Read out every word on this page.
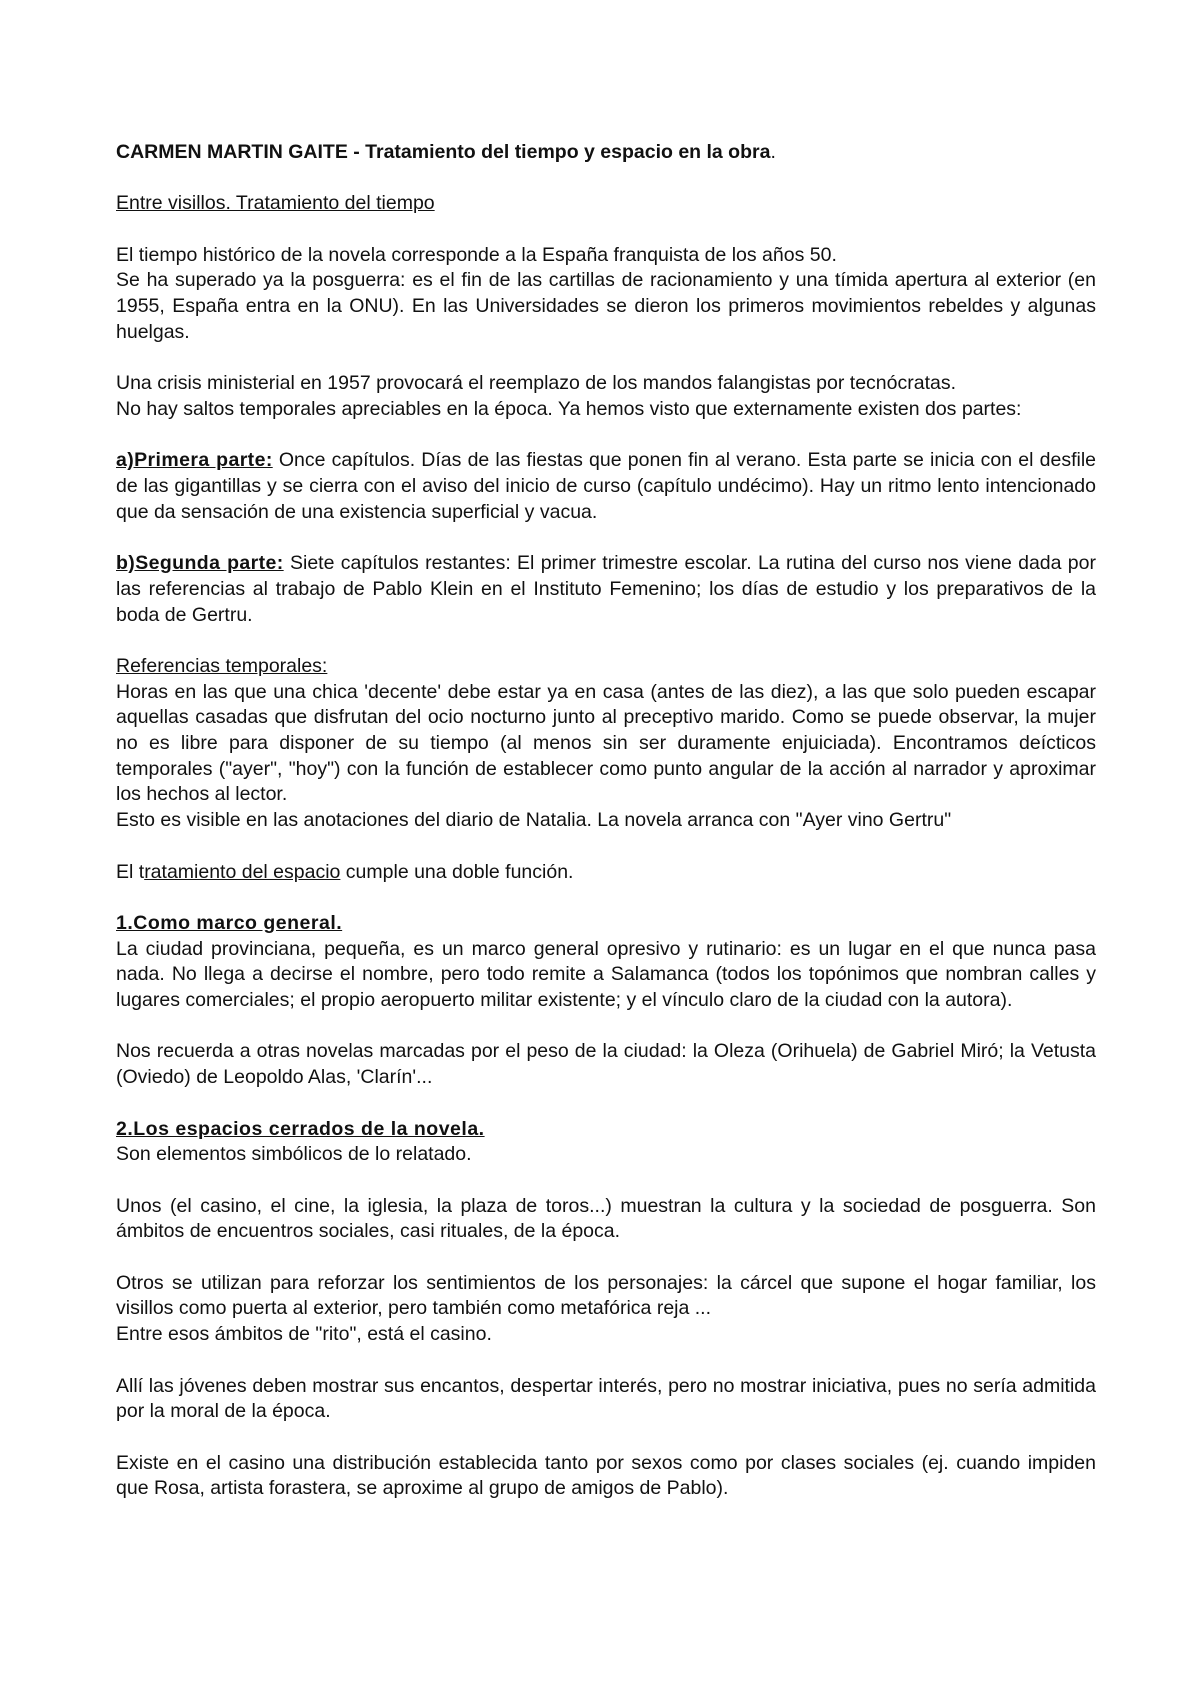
CARMEN MARTIN GAITE - Tratamiento del tiempo y espacio en la obra.

Entre visillos. Tratamiento del tiempo

El tiempo histórico de la novela corresponde a la España franquista de los años 50.

Se ha superado ya la posguerra: es el fin de las cartillas de racionamiento y una tímida apertura al exterior (en 1955, España entra en la ONU). En las Universidades se dieron los primeros movimientos rebeldes y algunas huelgas.

Una crisis ministerial en 1957 provocará el reemplazo de los mandos falangistas por tecnócratas.

No hay saltos temporales apreciables en la época. Ya hemos visto que externamente existen dos partes:

a)Primera parte: Once capítulos. Días de las fiestas que ponen fin al verano. Esta parte se inicia con el desfile de las gigantillas y se cierra con el aviso del inicio de curso (capítulo undécimo). Hay un ritmo lento intencionado que da sensación de una existencia superficial y vacua.

b)Segunda parte: Siete capítulos restantes: El primer trimestre escolar. La rutina del curso nos viene dada por las referencias al trabajo de Pablo Klein en el Instituto Femenino; los días de estudio y los preparativos de la boda de Gertru.

Referencias temporales:

Horas en las que una chica 'decente' debe estar ya en casa (antes de las diez), a las que solo pueden escapar aquellas casadas que disfrutan del ocio nocturno junto al preceptivo marido. Como se puede observar, la mujer no es libre para disponer de su tiempo (al menos sin ser duramente enjuiciada). Encontramos deícticos temporales ("ayer", "hoy") con la función de establecer como punto angular de la acción al narrador y aproximar los hechos al lector.

Esto es visible en las anotaciones del diario de Natalia. La novela arranca con "Ayer vino Gertru"

El tratamiento del espacio cumple una doble función.

1.Como marco general.

La ciudad provinciana, pequeña, es un marco general opresivo y rutinario: es un lugar en el que nunca pasa nada. No llega a decirse el nombre, pero todo remite a Salamanca (todos los topónimos que nombran calles y lugares comerciales; el propio aeropuerto militar existente; y el vínculo claro de la ciudad con la autora).

Nos recuerda a otras novelas marcadas por el peso de la ciudad: la Oleza (Orihuela) de Gabriel Miró; la Vetusta (Oviedo) de Leopoldo Alas, 'Clarín'...

2.Los espacios cerrados de la novela.

Son elementos simbólicos de lo relatado.

Unos (el casino, el cine, la iglesia, la plaza de toros...) muestran la cultura y la sociedad de posguerra. Son ámbitos de encuentros sociales, casi rituales, de la época.

Otros se utilizan para reforzar los sentimientos de los personajes: la cárcel que supone el hogar familiar, los visillos como puerta al exterior, pero también como metafórica reja ...

Entre esos ámbitos de "rito", está el casino.

Allí las jóvenes deben mostrar sus encantos, despertar interés, pero no mostrar iniciativa, pues no sería admitida por la moral de la época.

Existe en el casino una distribución establecida tanto por sexos como por clases sociales (ej. cuando impiden que Rosa, artista forastera, se aproxime al grupo de amigos de Pablo).
